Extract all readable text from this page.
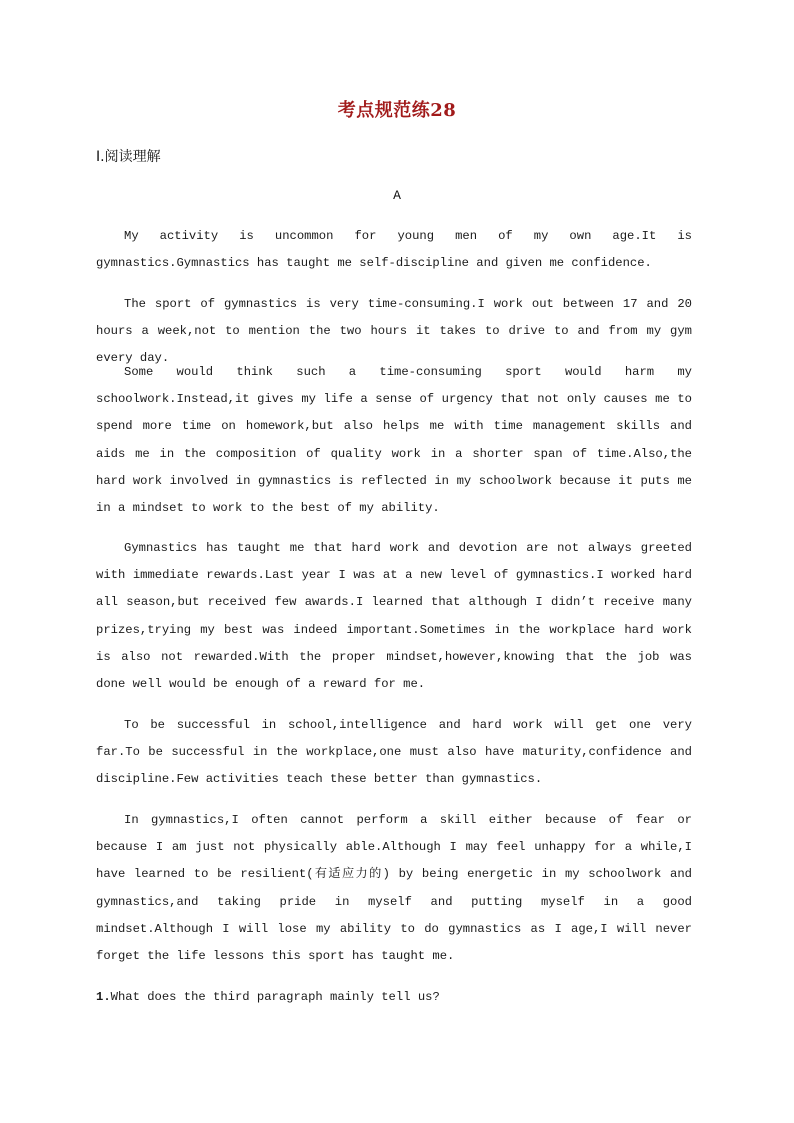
考点规范练28
Ⅰ.阅读理解
A

My activity is uncommon for young men of my own age.It is gymnastics.Gymnastics has taught me self-discipline and given me confidence.

The sport of gymnastics is very time-consuming.I work out between 17 and 20 hours a week,not to mention the two hours it takes to drive to and from my gym every day.

Some would think such a time-consuming sport would harm my schoolwork.Instead,it gives my life a sense of urgency that not only causes me to spend more time on homework,but also helps me with time management skills and aids me in the composition of quality work in a shorter span of time.Also,the hard work involved in gymnastics is reflected in my schoolwork because it puts me in a mindset to work to the best of my ability.

Gymnastics has taught me that hard work and devotion are not always greeted with immediate rewards.Last year I was at a new level of gymnastics.I worked hard all season,but received few awards.I learned that although I didn’t receive many prizes,trying my best was indeed important.Sometimes in the workplace hard work is also not rewarded.With the proper mindset,however,knowing that the job was done well would be enough of a reward for me.

To be successful in school,intelligence and hard work will get one very far.To be successful in the workplace,one must also have maturity,confidence and discipline.Few activities teach these better than gymnastics.

In gymnastics,I often cannot perform a skill either because of fear or because I am just not physically able.Although I may feel unhappy for a while,I have learned to be resilient(有适应力的) by being energetic in my schoolwork and gymnastics,and taking pride in myself and putting myself in a good mindset.Although I will lose my ability to do gymnastics as I age,I will never forget the life lessons this sport has taught me.

1.What does the third paragraph mainly tell us?
